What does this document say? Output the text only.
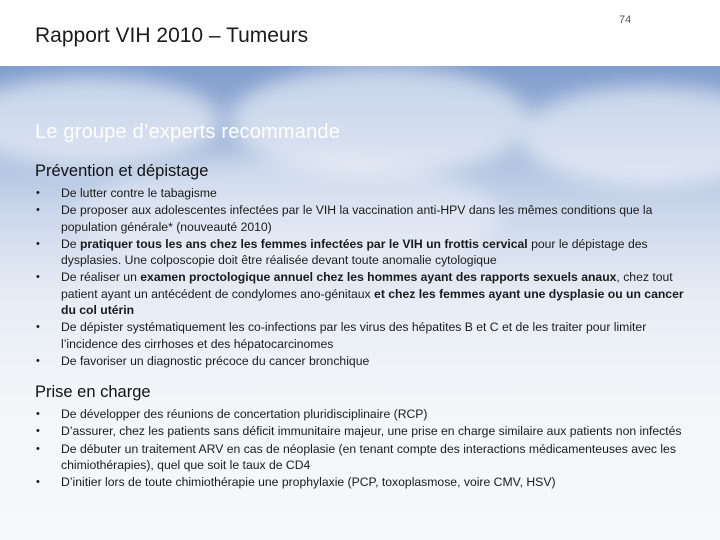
Rapport VIH 2010 – Tumeurs
74
Le groupe d’experts recommande
Prévention et dépistage
• De lutter contre le tabagisme
• De proposer aux adolescentes infectées par le VIH la vaccination anti-HPV dans les mêmes conditions que la population générale* (nouveauté 2010)
• De pratiquer tous les ans chez les femmes infectées par le VIH un frottis cervical pour le dépistage des dysplasies. Une colposcopie doit être réalisée devant toute anomalie cytologique
• De réaliser un examen proctologique annuel chez les hommes ayant des rapports sexuels anaux, chez tout patient ayant un antécédent de condylomes ano-génitaux et chez les femmes ayant une dysplasie ou un cancer du col utérin
• De dépister systématiquement les co-infections par les virus des hépatites B et C et de les traiter pour limiter l’incidence des cirrhoses et des hépatocarcinomes
• De favoriser un diagnostic précoce du cancer bronchique
Prise en charge
• De développer des réunions de concertation pluridisciplinaire (RCP)
• D’assurer, chez les patients sans déficit immunitaire majeur, une prise en charge similaire aux patients non infectés
• De débuter un traitement ARV en cas de néoplasie (en tenant compte des interactions médicamenteuses avec les chimiothérapies), quel que soit le taux de CD4
• D’initier lors de toute chimiothérapie une prophylaxie (PCP, toxoplasmose, voire CMV, HSV)
